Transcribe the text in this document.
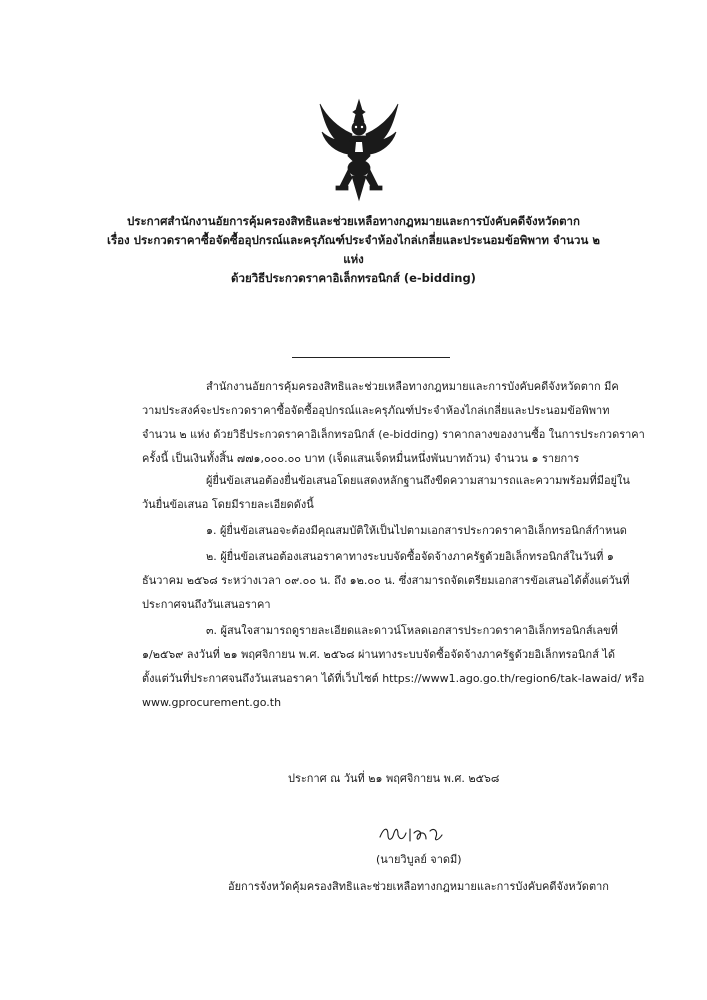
ประกาศสำนักงานอัยการคุ้มครองสิทธิและช่วยเหลือทางกฎหมายและการบังคับคดีจังหวัดตาก
เรื่อง ประกวดราคาซื้อจัดซื้ออุปกรณ์และครุภัณฑ์ประจำห้องไกล่เกลี่ยและประนอมข้อพิพาท จำนวน ๒
แห่ง
ด้วยวิธีประกวดราคาอิเล็กทรอนิกส์ (e-bidding)
สำนักงานอัยการคุ้มครองสิทธิและช่วยเหลือทางกฎหมายและการบังคับคดีจังหวัดตาก มีค
วามประสงค์จะประกวดราคาซื้อจัดซื้ออุปกรณ์และครุภัณฑ์ประจำห้องไกล่เกลี่ยและประนอมข้อพิพาท
จำนวน ๒ แห่ง ด้วยวิธีประกวดราคาอิเล็กทรอนิกส์ (e-bidding) ราคากลางของงานซื้อ ในการประกวดราคา
ครั้งนี้ เป็นเงินทั้งสิ้น ๗๗๑,๐๐๐.๐๐ บาท (เจ็ดแสนเจ็ดหมื่นหนึ่งพันบาทถ้วน) จำนวน ๑ รายการ
ผู้ยื่นข้อเสนอต้องยื่นข้อเสนอโดยแสดงหลักฐานถึงขีดความสามารถและความพร้อมที่มีอยู่ใน
วันยื่นข้อเสนอ โดยมีรายละเอียดดังนี้
๑. ผู้ยื่นข้อเสนอจะต้องมีคุณสมบัติให้เป็นไปตามเอกสารประกวดราคาอิเล็กทรอนิกส์กำหนด
๒. ผู้ยื่นข้อเสนอต้องเสนอราคาทางระบบจัดซื้อจัดจ้างภาครัฐด้วยอิเล็กทรอนิกส์ในวันที่ ๑
ธันวาคม ๒๕๖๘ ระหว่างเวลา ๐๙.๐๐ น. ถึง ๑๒.๐๐ น. ซึ่งสามารถจัดเตรียมเอกสารข้อเสนอได้ตั้งแต่วันที่
ประกาศจนถึงวันเสนอราคา
๓. ผู้สนใจสามารถดูรายละเอียดและดาวน์โหลดเอกสารประกวดราคาอิเล็กทรอนิกส์เลขที่
๑/๒๕๖๙ ลงวันที่ ๒๑ พฤศจิกายน พ.ศ. ๒๕๖๘ ผ่านทางระบบจัดซื้อจัดจ้างภาครัฐด้วยอิเล็กทรอนิกส์ ได้
ตั้งแต่วันที่ประกาศจนถึงวันเสนอราคา ได้ที่เว็บไซต์ https://www1.ago.go.th/region6/tak-lawaid/ หรือ
www.gprocurement.go.th
ประกาศ ณ วันที่ ๒๑ พฤศจิกายน พ.ศ. ๒๕๖๘
(นายวิบูลย์ จาดมี)
อัยการจังหวัดคุ้มครองสิทธิและช่วยเหลือทางกฎหมายและการบังคับคดีจังหวัดตาก
